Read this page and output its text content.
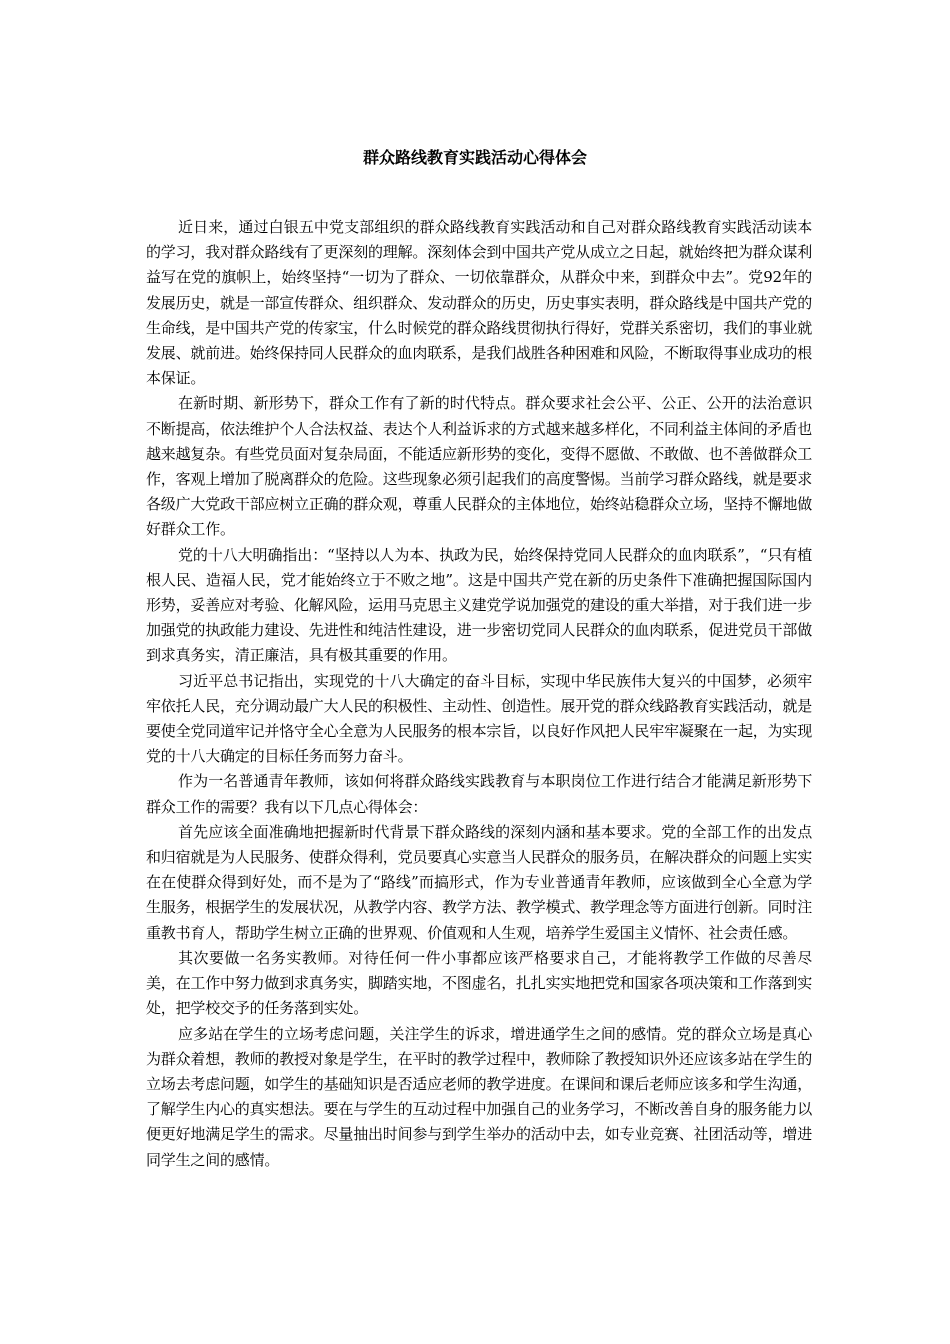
群众路线教育实践活动心得体会

近日来，通过白银五中党支部组织的群众路线教育实践活动和自己对群众路线教育实践活动读本的学习，我对群众路线有了更深刻的理解。深刻体会到中国共产党从成立之日起，就始终把为群众谋利益写在党的旗帜上，始终坚持“一切为了群众、一切依靠群众，从群众中来，到群众中去”。党92年的发展历史，就是一部宣传群众、组织群众、发动群众的历史，历史事实表明，群众路线是中国共产党的生命线，是中国共产党的传家宝，什么时候党的群众路线贯彻执行得好，党群关系密切，我们的事业就发展、就前进。始终保持同人民群众的血肉联系，是我们战胜各种困难和风险，不断取得事业成功的根本保证。

在新时期、新形势下，群众工作有了新的时代特点。群众要求社会公平、公正、公开的法治意识不断提高，依法维护个人合法权益、表达个人利益诉求的方式越来越多样化，不同利益主体间的矛盾也越来越复杂。有些党员面对复杂局面，不能适应新形势的变化，变得不愿做、不敢做、也不善做群众工作，客观上增加了脱离群众的危险。这些现象必须引起我们的高度警惕。当前学习群众路线，就是要求各级广大党政干部应树立正确的群众观，尊重人民群众的主体地位，始终站稳群众立场，坚持不懈地做好群众工作。

党的十八大明确指出：“坚持以人为本、执政为民，始终保持党同人民群众的血肉联系”，“只有植根人民、造福人民，党才能始终立于不败之地”。这是中国共产党在新的历史条件下准确把握国际国内形势，妥善应对考验、化解风险，运用马克思主义建党学说加强党的建设的重大举措，对于我们进一步加强党的执政能力建设、先进性和纯洁性建设，进一步密切党同人民群众的血肉联系，促进党员干部做到求真务实，清正廉洁，具有极其重要的作用。

习近平总书记指出，实现党的十八大确定的奋斗目标，实现中华民族伟大复兴的中国梦，必须牢牢依托人民，充分调动最广大人民的积极性、主动性、创造性。展开党的群众线路教育实践活动，就是要使全党同道牢记并恪守全心全意为人民服务的根本宗旨，以良好作风把人民牢牢凝聚在一起，为实现党的十八大确定的目标任务而努力奋斗。

作为一名普通青年教师，该如何将群众路线实践教育与本职岗位工作进行结合才能满足新形势下群众工作的需要？我有以下几点心得体会：

首先应该全面准确地把握新时代背景下群众路线的深刻内涵和基本要求。党的全部工作的出发点和归宿就是为人民服务、使群众得利，党员要真心实意当人民群众的服务员，在解决群众的问题上实实在在使群众得到好处，而不是为了“路线”而搞形式，作为专业普通青年教师，应该做到全心全意为学生服务，根据学生的发展状况，从教学内容、教学方法、教学模式、教学理念等方面进行创新。同时注重教书育人，帮助学生树立正确的世界观、价值观和人生观，培养学生爱国主义情怀、社会责任感。

其次要做一名务实教师。对待任何一件小事都应该严格要求自己，才能将教学工作做的尽善尽美，在工作中努力做到求真务实，脚踏实地，不图虚名，扎扎实实地把党和国家各项决策和工作落到实处，把学校交予的任务落到实处。

应多站在学生的立场考虑问题，关注学生的诉求，增进通学生之间的感情。党的群众立场是真心为群众着想，教师的教授对象是学生，在平时的教学过程中，教师除了教授知识外还应该多站在学生的立场去考虑问题，如学生的基础知识是否适应老师的教学进度。在课间和课后老师应该多和学生沟通，了解学生内心的真实想法。要在与学生的互动过程中加强自己的业务学习，不断改善自身的服务能力以便更好地满足学生的需求。尽量抽出时间参与到学生举办的活动中去，如专业竞赛、社团活动等，增进同学生之间的感情。
